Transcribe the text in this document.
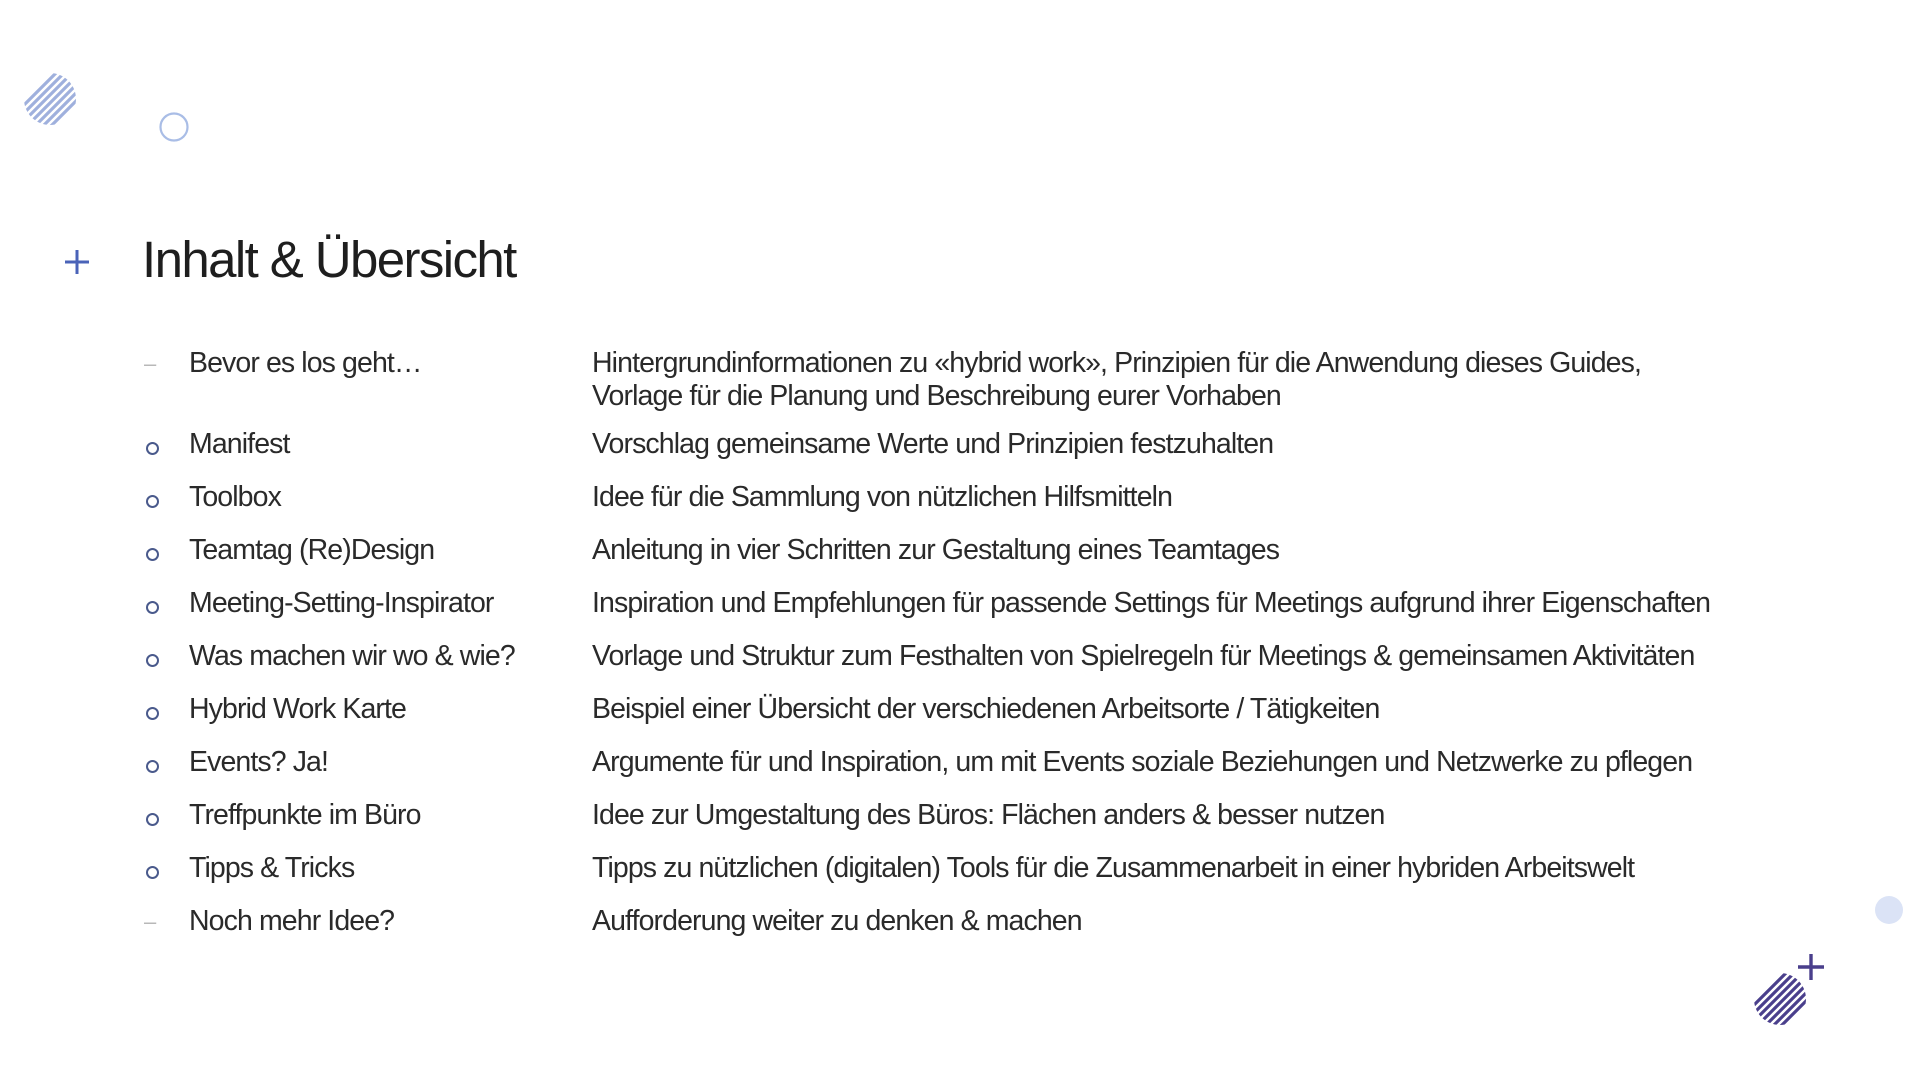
Inhalt & Übersicht
– Bevor es los geht…	Hintergrundinformationen zu «hybrid work», Prinzipien für die Anwendung dieses Guides,
Vorlage für die Planung und Beschreibung eurer Vorhaben
Manifest	Vorschlag gemeinsame Werte und Prinzipien festzuhalten
Toolbox	Idee für die Sammlung von nützlichen Hilfsmitteln
Teamtag (Re)Design	Anleitung in vier Schritten zur Gestaltung eines Teamtages
Meeting-Setting-Inspirator	Inspiration und Empfehlungen für passende Settings für Meetings aufgrund ihrer Eigenschaften
Was machen wir wo & wie?	Vorlage und Struktur zum Festhalten von Spielregeln für Meetings & gemeinsamen Aktivitäten
Hybrid Work Karte	Beispiel einer Übersicht der verschiedenen Arbeitsorte / Tätigkeiten
Events? Ja!	Argumente für und Inspiration, um mit Events soziale Beziehungen und Netzwerke zu pflegen
Treffpunkte im Büro	Idee zur Umgestaltung des Büros: Flächen anders & besser nutzen
Tipps & Tricks	Tipps zu nützlichen (digitalen) Tools für die Zusammenarbeit in einer hybriden Arbeitswelt
– Noch mehr Idee?	Aufforderung weiter zu denken & machen
